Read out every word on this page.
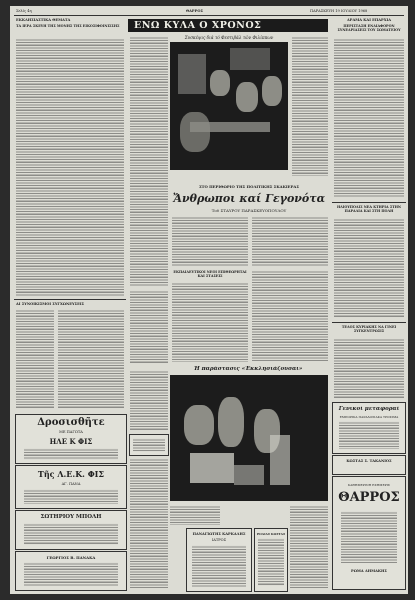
Σελίς 4η	ΘΑΡΡΟΣ	ΠΑΡΑΣΚΕΥΗ 19 ΙΟΥΛΙΟΥ 1968
ΕΚΚΛΗΣΙΑΣΤΙΚΑ ΘΕΜΑΤΑ
ΤΑ ΙΕΡΑ ΣΚΕΥΗ ΤΗΣ ΜΟΝΗΣ ΤΗΣ ΕΙΚΟΣΙΦΟΙΝΙΣΣΗΣ
ΑΙ ΣΥΝΟΙΚΙΣΜΟΙ ΣΥΓΧΩΝΕΥΣΕΙΣ
Δροσισθῆτε
ΜΕ ΠΑΓΩΤΑ
ΗΛΕ Κ ΦΙΣ
Τῆς Λ.Ε.Κ. ΦΙΣ
ΑΓ. ΠΑΝΑ
ΣΩΤΗΡΙΟΥ ΜΠΟΛΗ
ΓΕΩΡΓΙΟΣ Β. ΠΑΝΑΚΑ
ΕΝΩ ΚΥΛΑ Ο ΧΡΟΝΟΣ
Συσκέψις διά τό Φεστιβάλ τῶν Φιλίππων
ΣΤΟ ΠΕΡΙΘΩΡΙΟ ΤΗΣ ΠΟΛΙΤΙΚΗΣ ΣΚΑΚΙΕΡΑΣ
Ἄνθρωποι καί Γεγονότα
Τοῦ ΣΤΑΥΡΟΥ ΠΑΡΑΣΚΕΥΟΠΟΥΛΟΥ
ΕΚΠΑΙΔΕΥΤΙΚΟΙ ΝΕΟΙ ΕΠΙΘΕΩΡΗΤΑΙ ΚΑΙ ΣΤΑΣΕΙΣ
Ἡ παράστασις «Ἐκκλησιάζουσαι»
ΠΑΝΑΓΙΩΤΗΣ ΚΑΡΚΑΛΗΣ
ΙΑΤΡΟΣ
ΡΟΔΙΑΣ ΚΩΣΤΑΣ
ΔΡΑΜΑ ΚΑΙ ΕΠΑΡΧΙΑ
ΠΕΡΙΣΤΑΣΗ ΕΝΔΙΑΦΟΡΟΝ ΣΥΝΕΔΡΙΑΣΕΙΣ ΤΟΥ ΣΩΜΑΤΕΙΟΥ
ΗΛΙΟΥΠΟΛΙΣ ΝΕΑ ΚΤΗΡΙΑ ΣΤΗΝ ΠΑΡΑΛΙΑ ΚΑΙ ΣΤΗ ΠΟΛΗ
ΤΕΛΟΣ ΚΥΡΙΑΚΗΣ ΝΑ ΓΙΝΕΙ ΣΥΓΚΕΝΤΡΩΣΙΣ
Γενικοί μεταφοραί
ΕΜΠΟΡΙΚΑ ΠΑΡΑΔΟΣΙΑΚΑ ΤΡΟΦΙΜΑ
ΚΩΣΤΑΣ Σ. ΤΑΚΑΝΙΟΣ
ΚΑΘΗΜΕΡΙΝΗ ΕΦΗΜΕΡΙΣ
ΘΑΡΡΟΣ
ΡΩΜΑ ΔΗΜΑΚΗΣ
